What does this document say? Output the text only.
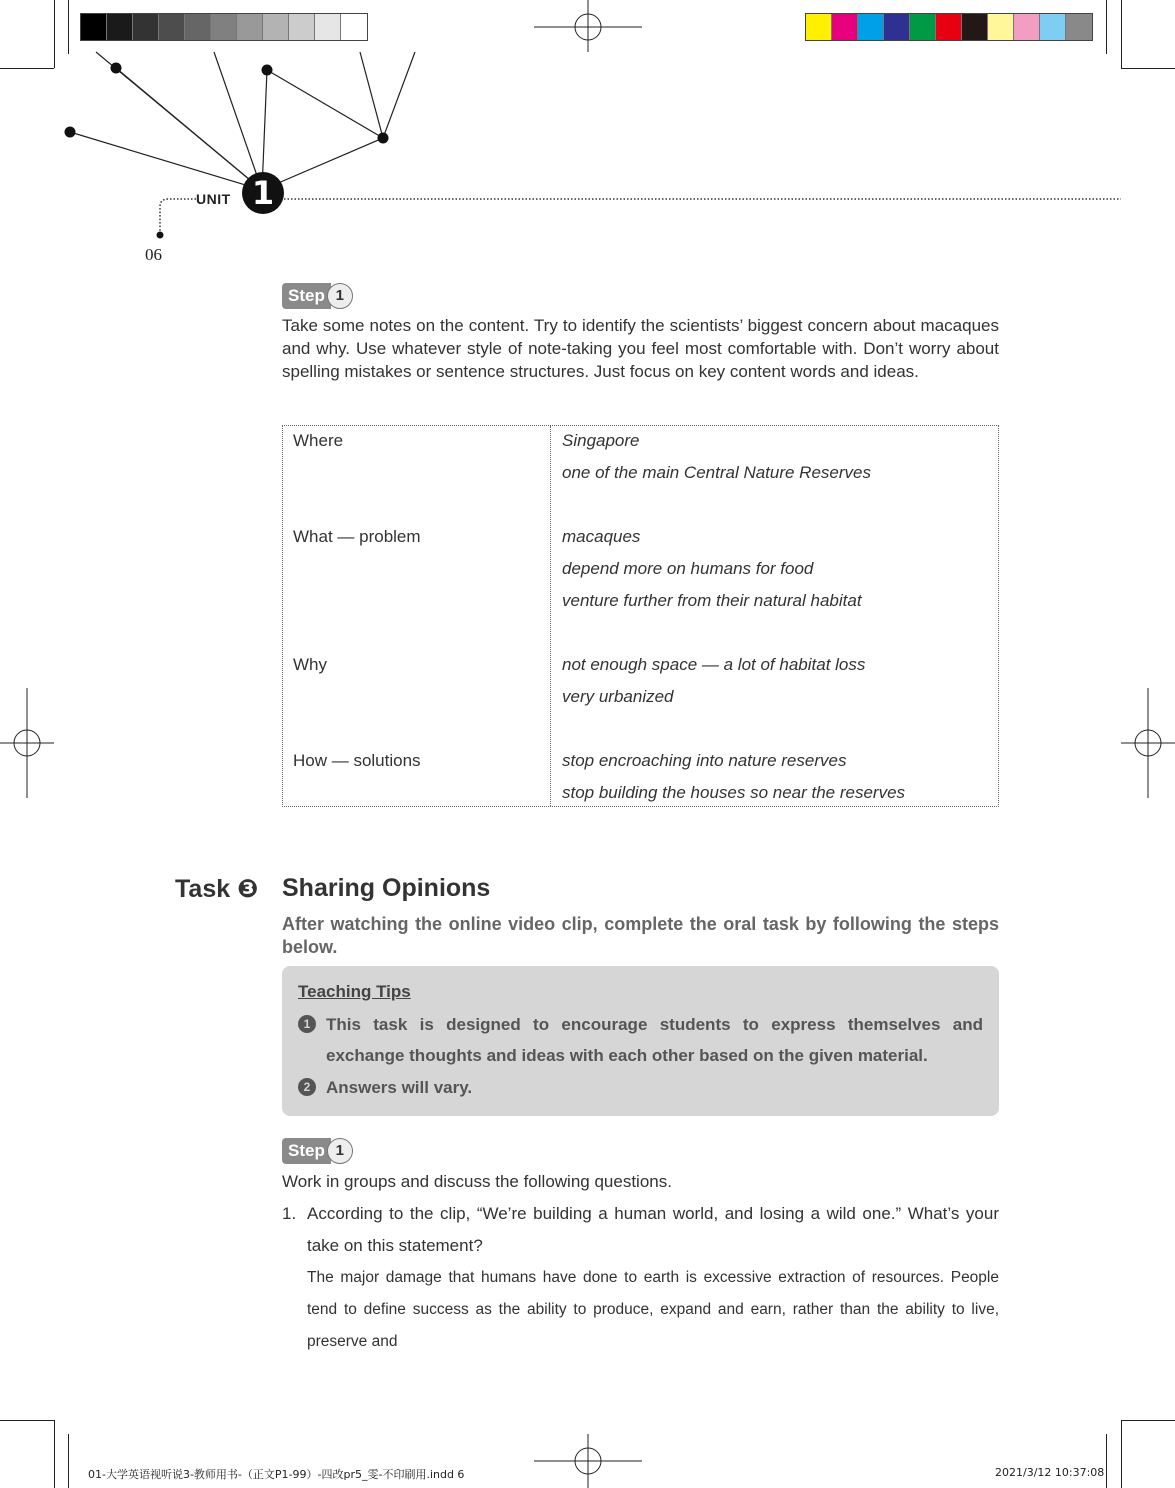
UNIT 1
06
Step 1
Take some notes on the content. Try to identify the scientists’ biggest concern about macaques and why. Use whatever style of note-taking you feel most comfortable with. Don’t worry about spelling mistakes or sentence structures. Just focus on key content words and ideas.
Where	Singapore
one of the main Central Nature Reserves
What — problem	macaques
depend more on humans for food
venture further from their natural habitat
Why	not enough space — a lot of habitat loss
very urbanized
How — solutions	stop encroaching into nature reserves
stop building the houses so near the reserves
Task ❸ Sharing Opinions
After watching the online video clip, complete the oral task by following the steps below.
Teaching Tips
1 This task is designed to encourage students to express themselves and exchange thoughts and ideas with each other based on the given material.
2 Answers will vary.
Step 1
Work in groups and discuss the following questions.
1. According to the clip, “We’re building a human world, and losing a wild one.” What’s your take on this statement?
The major damage that humans have done to earth is excessive extraction of resources. People tend to define success as the ability to produce, expand and earn, rather than the ability to live, preserve and
01-大学英语视听说3-教师用书-（正文P1-99）-四改pr5_雯-不印刷用.indd 6	2021/3/12 10:37:08
